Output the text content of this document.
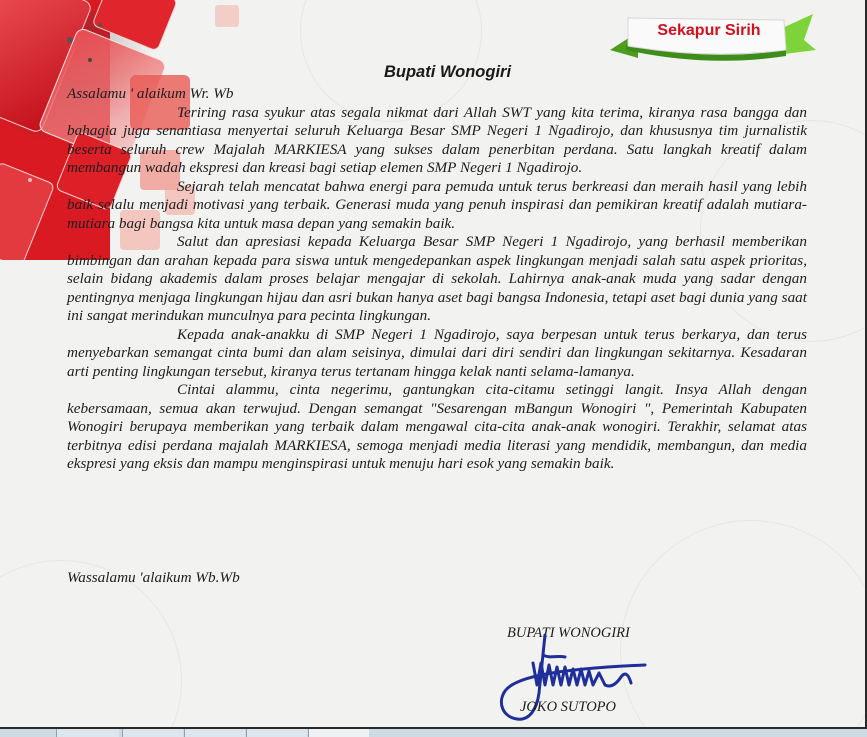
Sekapur Sirih
Bupati Wonogiri

Assalamu ' alaikum Wr. Wb

Teriring rasa syukur atas segala nikmat dari Allah SWT yang kita terima, kiranya rasa bangga dan bahagia juga senantiasa menyertai seluruh Keluarga Besar SMP Negeri 1 Ngadirojo, dan khususnya tim jurnalistik beserta seluruh crew Majalah MARKIESA yang sukses dalam penerbitan perdana. Satu langkah kreatif dalam membangun wadah ekspresi dan kreasi bagi setiap elemen SMP Negeri 1 Ngadirojo.

Sejarah telah mencatat bahwa energi para pemuda untuk terus berkreasi dan meraih hasil yang lebih baik selalu menjadi motivasi yang terbaik. Generasi muda yang penuh inspirasi dan pemikiran kreatif adalah mutiara-mutiara bagi bangsa kita untuk masa depan yang semakin baik.

Salut dan apresiasi kepada Keluarga Besar SMP Negeri 1 Ngadirojo, yang berhasil memberikan bimbingan dan arahan kepada para siswa untuk mengedepankan aspek lingkungan menjadi salah satu aspek prioritas, selain bidang akademis dalam proses belajar mengajar di sekolah. Lahirnya anak-anak muda yang sadar dengan pentingnya menjaga lingkungan hijau dan asri bukan hanya aset bagi bangsa Indonesia, tetapi aset bagi dunia yang saat ini sangat merindukan munculnya para pecinta lingkungan.

Kepada anak-anakku di SMP Negeri 1 Ngadirojo, saya berpesan untuk terus berkarya, dan terus menyebarkan semangat cinta bumi dan alam seisinya, dimulai dari diri sendiri dan lingkungan sekitarnya. Kesadaran arti penting lingkungan tersebut, kiranya terus tertanam hingga kelak nanti selama-lamanya.

Cintai alammu, cinta negerimu, gantungkan cita-citamu setinggi langit. Insya Allah dengan kebersamaan, semua akan terwujud. Dengan semangat "Sesarengan mBangun Wonogiri ", Pemerintah Kabupaten Wonogiri berupaya memberikan yang terbaik dalam mengawal cita-cita anak-anak wonogiri. Terakhir, selamat atas terbitnya edisi perdana majalah MARKIESA, semoga menjadi media literasi yang mendidik, membangun, dan media ekspresi yang eksis dan mampu menginspirasi untuk menuju hari esok yang semakin baik.

Wassalamu 'alaikum Wb.Wb
BUPATI WONOGIRI
JOKO SUTOPO
